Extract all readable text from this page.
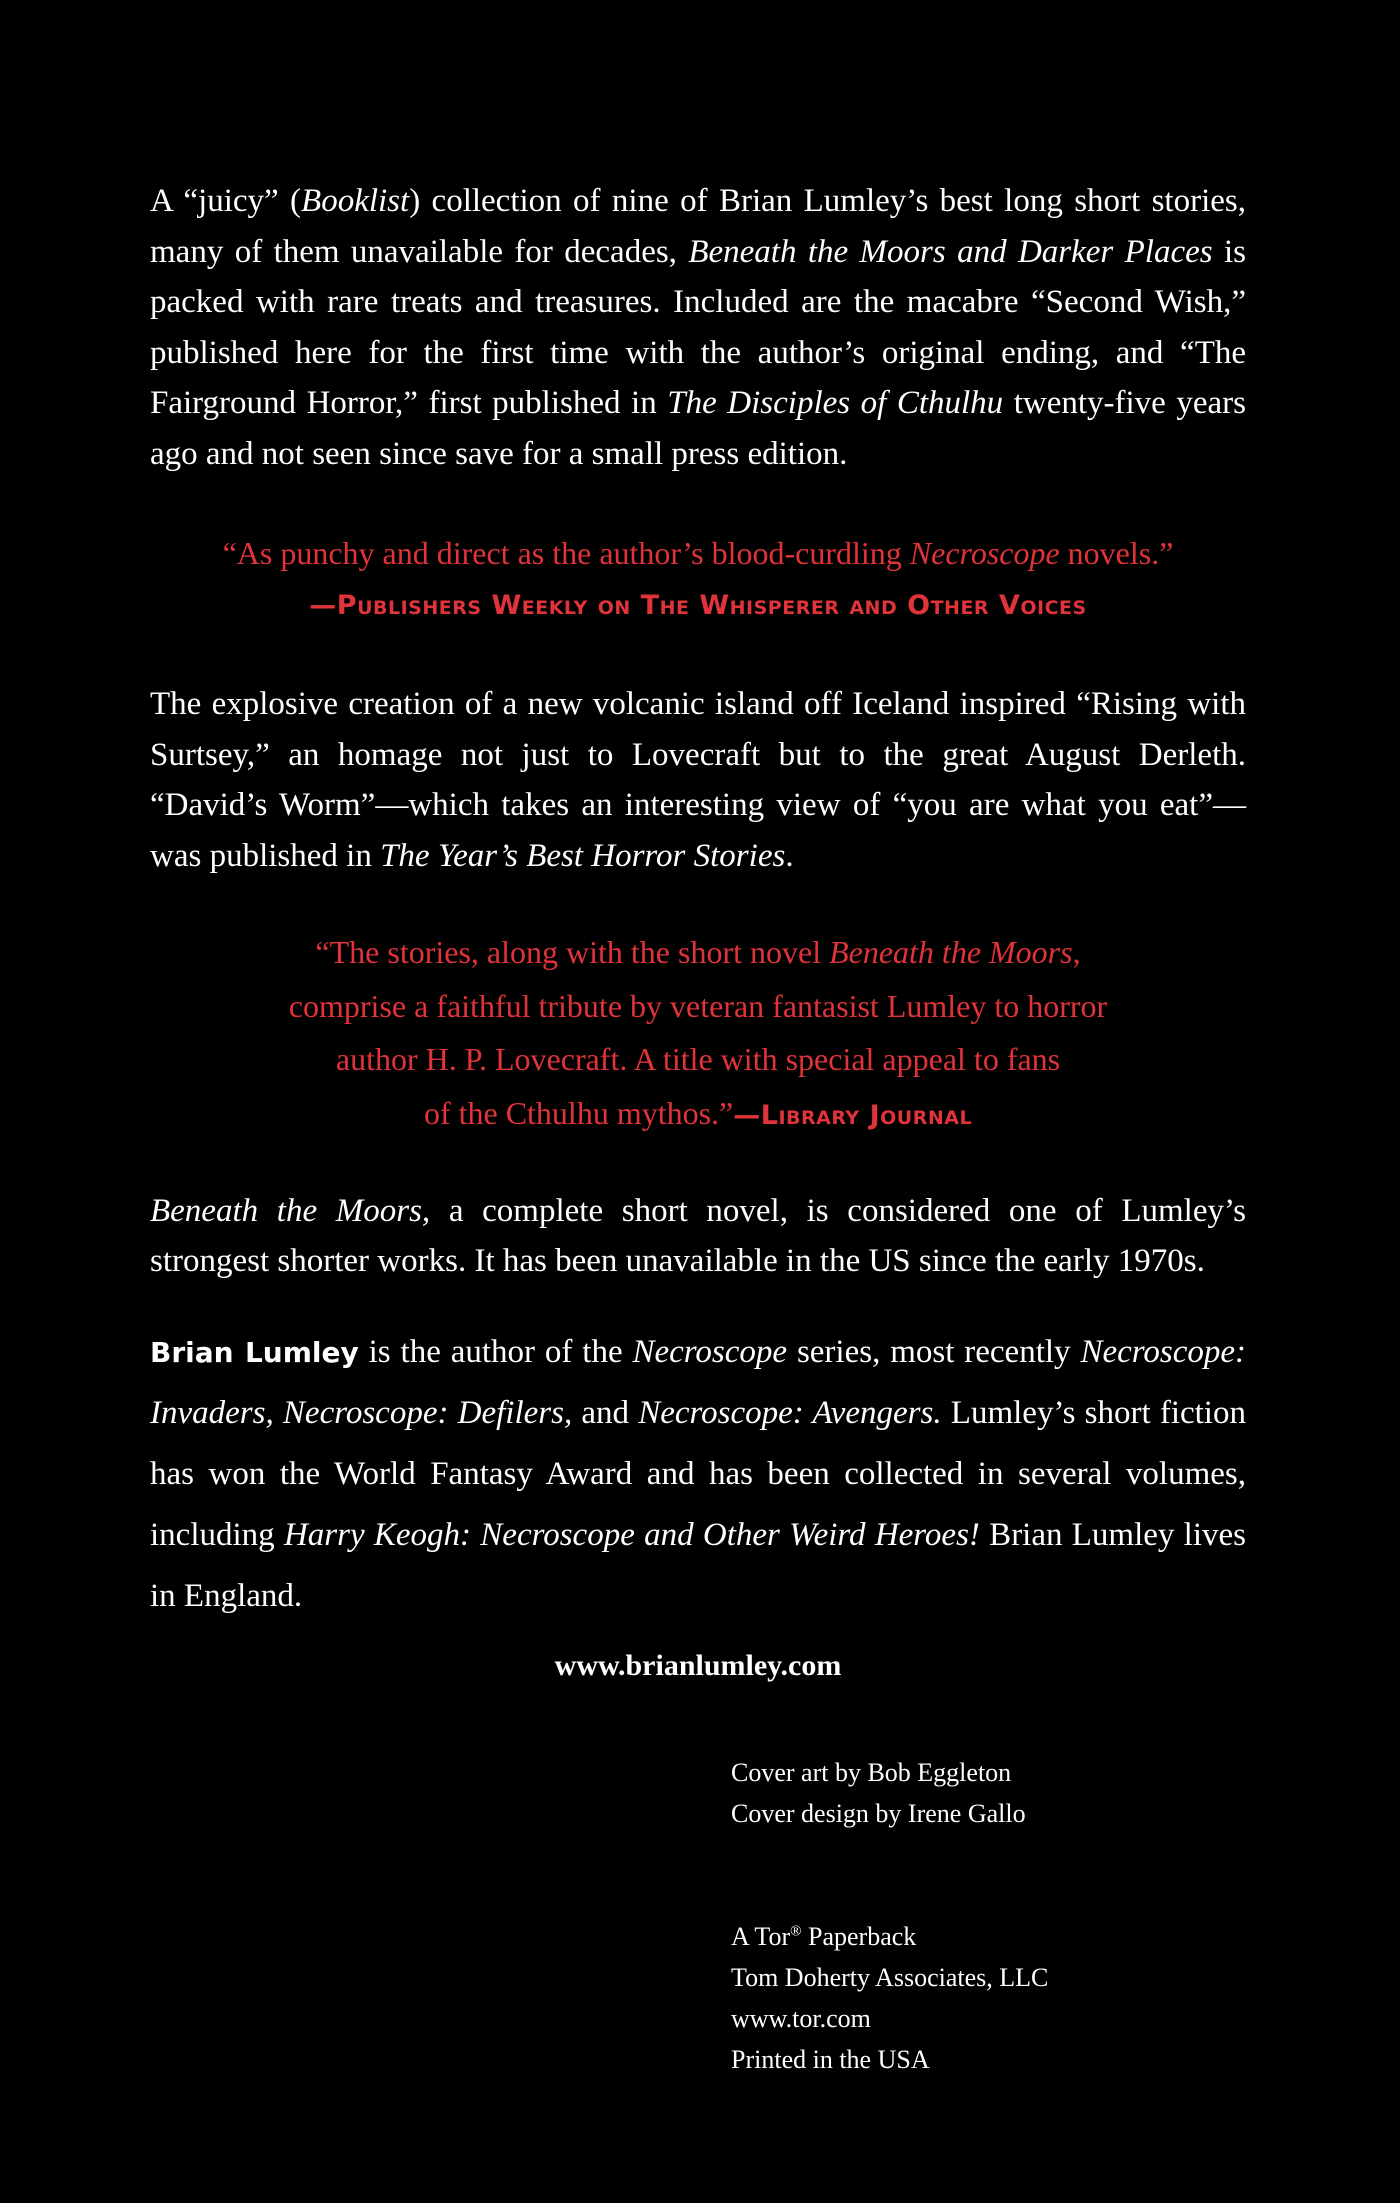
A “juicy” (Booklist) collection of nine of Brian Lumley’s best long short stories, many of them unavailable for decades, Beneath the Moors and Darker Places is packed with rare treats and treasures. Included are the macabre “Second Wish,” published here for the first time with the author’s original ending, and “The Fairground Horror,” first published in The Disciples of Cthulhu twenty-five years ago and not seen since save for a small press edition.

“As punchy and direct as the author’s blood-curdling Necroscope novels.”
—Publishers Weekly on The Whisperer and Other Voices

The explosive creation of a new volcanic island off Iceland inspired “Rising with Surtsey,” an homage not just to Lovecraft but to the great August Derleth. “David’s Worm”—which takes an interesting view of “you are what you eat”—was published in The Year’s Best Horror Stories.

“The stories, along with the short novel Beneath the Moors,
comprise a faithful tribute by veteran fantasist Lumley to horror
author H. P. Lovecraft. A title with special appeal to fans
of the Cthulhu mythos.”—Library Journal

Beneath the Moors, a complete short novel, is considered one of Lumley’s strongest shorter works. It has been unavailable in the US since the early 1970s.

Brian Lumley is the author of the Necroscope series, most recently Necroscope: Invaders, Necroscope: Defilers, and Necroscope: Avengers. Lumley’s short fiction has won the World Fantasy Award and has been collected in several volumes, including Harry Keogh: Necroscope and Other Weird Heroes! Brian Lumley lives in England.

www.brianlumley.com

Cover art by Bob Eggleton
Cover design by Irene Gallo
A Tor® Paperback
Tom Doherty Associates, LLC
www.tor.com
Printed in the USA
